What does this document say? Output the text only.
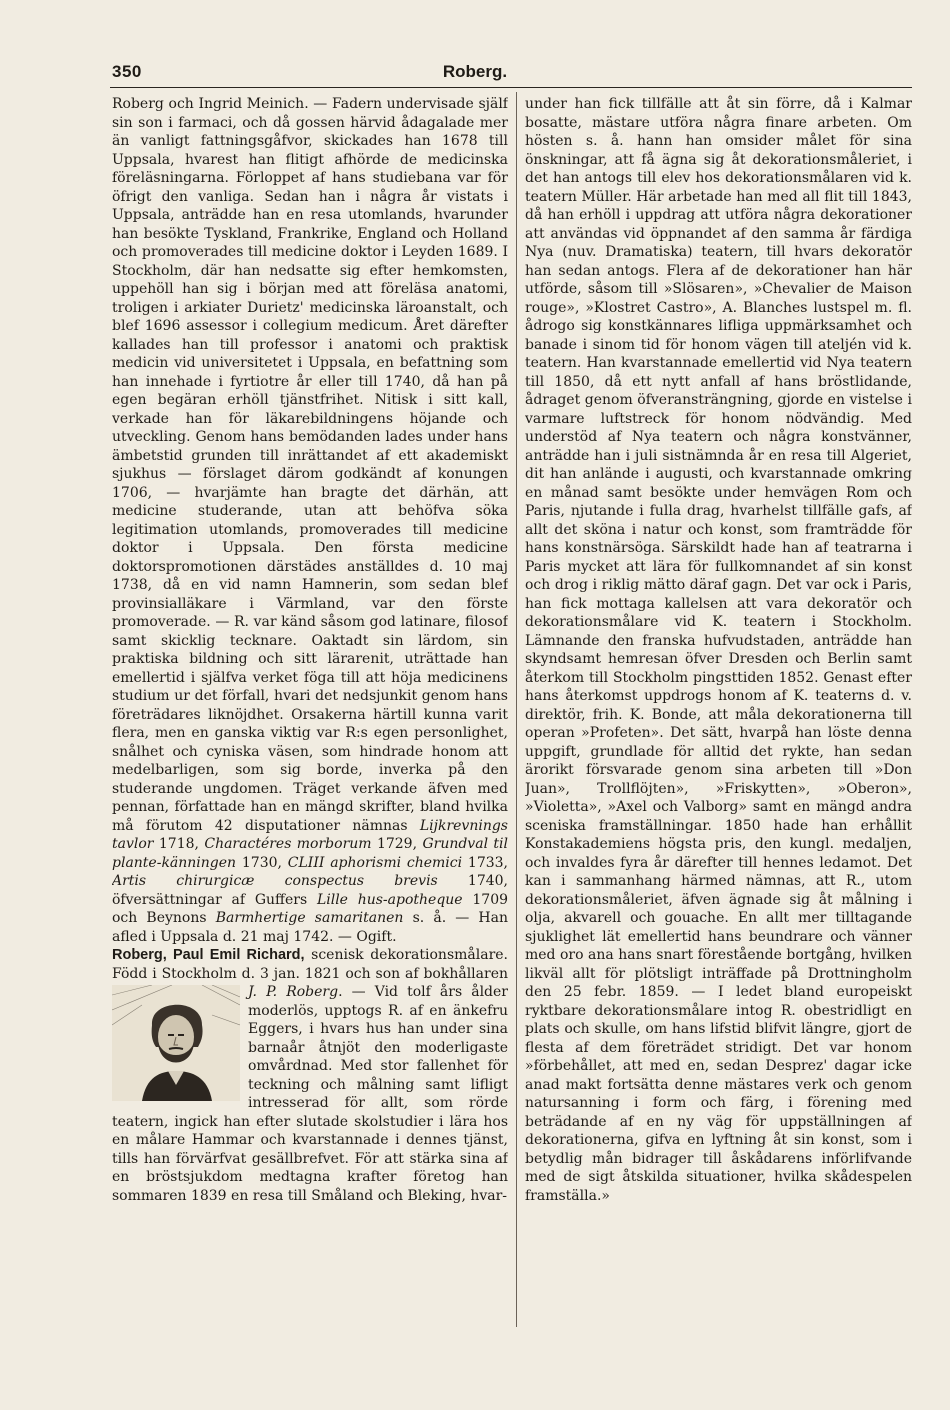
350	Roberg.

Roberg och Ingrid Meinich. — Fadern undervisade själf sin son i farmaci, och då gossen härvid ådagalade mer än vanligt fattningsgåfvor, skickades han 1678 till Uppsala, hvarest han flitigt afhörde de medicinska föreläsningarna. Förloppet af hans studiebana var för öfrigt den vanliga. Sedan han i några år vistats i Uppsala, anträdde han en resa utomlands, hvarunder han besökte Tyskland, Frankrike, England och Holland och promoverades till medicine doktor i Leyden 1689. I Stockholm, där han nedsatte sig efter hemkomsten, uppehöll han sig i början med att föreläsa anatomi, troligen i arkiater Durietz' medicinska läroanstalt, och blef 1696 assessor i collegium medicum. Året därefter kallades han till professor i anatomi och praktisk medicin vid universitetet i Uppsala, en befattning som han innehade i fyrtiotre år eller till 1740, då han på egen begäran erhöll tjänstfrihet. Nitisk i sitt kall, verkade han för läkarebildningens höjande och utveckling. Genom hans bemödanden lades under hans ämbetstid grunden till inrättandet af ett akademiskt sjukhus — förslaget därom godkändt af konungen 1706, — hvarjämte han bragte det därhän, att medicine studerande, utan att behöfva söka legitimation utomlands, promoverades till medicine doktor i Uppsala. Den första medicine doktorspromotionen därstädes anställdes d. 10 maj 1738, då en vid namn Hamnerin, som sedan blef provinsialläkare i Värmland, var den förste promoverade. — R. var känd såsom god latinare, filosof samt skicklig tecknare. Oaktadt sin lärdom, sin praktiska bildning och sitt lärarenit, uträttade han emellertid i själfva verket föga till att höja medicinens studium ur det förfall, hvari det nedsjunkit genom hans företrädares liknöjdhet. Orsakerna härtill kunna varit flera, men en ganska viktig var R:s egen personlighet, snålhet och cyniska väsen, som hindrade honom att medelbarligen, som sig borde, inverka på den studerande ungdomen. Träget verkande äfven med pennan, författade han en mängd skrifter, bland hvilka må förutom 42 disputationer nämnas Lijkrevnings tavlor 1718, Charactéres morborum 1729, Grundval til plante-känningen 1730, CLIII aphorismi chemici 1733, Artis chirurgicæ conspectus brevis 1740, öfversättningar af Guffers Lille hus-apotheque 1709 och Beynons Barmhertige samaritanen s. å. — Han afled i Uppsala d. 21 maj 1742. — Ogift.

Roberg, Paul Emil Richard, scenisk dekorationsmålare. Född i Stockholm d. 3 jan. 1821 och son af bokhållaren
J. P. Roberg. — Vid tolf års ålder moderlös, upptogs R. af en änkefru Eggers, i hvars hus han under sina barnaår åtnjöt den moderligaste omvårdnad. Med stor fallenhet för teckning och målning samt lifligt intresserad för allt, som rörde teatern, ingick han efter slutade skolstudier i lära hos en målare Hammar och kvarstannade i dennes tjänst, tills han förvärfvat gesällbrefvet. För att stärka sina af en bröstsjukdom medtagna krafter företog han sommaren 1839 en resa till Småland och Bleking, hvar-

under han fick tillfälle att åt sin förre, då i Kalmar bosatte, mästare utföra några finare arbeten. Om hösten s. å. hann han omsider målet för sina önskningar, att få ägna sig åt dekorationsmåleriet, i det han antogs till elev hos dekorationsmålaren vid k. teatern Müller. Här arbetade han med all flit till 1843, då han erhöll i uppdrag att utföra några dekorationer att användas vid öppnandet af den samma år färdiga Nya (nuv. Dramatiska) teatern, till hvars dekoratör han sedan antogs. Flera af de dekorationer han här utförde, såsom till »Slösaren», »Chevalier de Maison rouge», »Klostret Castro», A. Blanches lustspel m. fl. ådrogo sig konstkännares lifliga uppmärksamhet och banade i sinom tid för honom vägen till ateljén vid k. teatern. Han kvarstannade emellertid vid Nya teatern till 1850, då ett nytt anfall af hans bröstlidande, ådraget genom öfveransträngning, gjorde en vistelse i varmare luftstreck för honom nödvändig. Med understöd af Nya teatern och några konstvänner, anträdde han i juli sistnämnda år en resa till Algeriet, dit han anlände i augusti, och kvarstannade omkring en månad samt besökte under hemvägen Rom och Paris, njutande i fulla drag, hvarhelst tillfälle gafs, af allt det sköna i natur och konst, som framträdde för hans konstnärsöga. Särskildt hade han af teatrarna i Paris mycket att lära för fullkomnandet af sin konst och drog i riklig mätto däraf gagn. Det var ock i Paris, han fick mottaga kallelsen att vara dekoratör och dekorationsmålare vid K. teatern i Stockholm. Lämnande den franska hufvudstaden, anträdde han skyndsamt hemresan öfver Dresden och Berlin samt återkom till Stockholm pingsttiden 1852. Genast efter hans återkomst uppdrogs honom af K. teaterns d. v. direktör, frih. K. Bonde, att måla dekorationerna till operan »Profeten». Det sätt, hvarpå han löste denna uppgift, grundlade för alltid det rykte, han sedan ärorikt försvarade genom sina arbeten till »Don Juan», Trollflöjten», »Friskytten», »Oberon», »Violetta», »Axel och Valborg» samt en mängd andra sceniska framställningar. 1850 hade han erhållit Konstakademiens högsta pris, den kungl. medaljen, och invaldes fyra år därefter till hennes ledamot. Det kan i sammanhang härmed nämnas, att R., utom dekorationsmåleriet, äfven ägnade sig åt målning i olja, akvarell och gouache. En allt mer tilltagande sjuklighet lät emellertid hans beundrare och vänner med oro ana hans snart förestående bortgång, hvilken likväl allt för plötsligt inträffade på Drottningholm den 25 febr. 1859. — I ledet bland europeiskt ryktbare dekorationsmålare intog R. obestridligt en plats och skulle, om hans lifstid blifvit längre, gjort de flesta af dem företrädet stridigt. Det var honom »förbehållet, att med en, sedan Desprez' dagar icke anad makt fortsätta denne mästares verk och genom natursanning i form och färg, i förening med beträdande af en ny väg för uppställningen af dekorationerna, gifva en lyftning åt sin konst, som i betydlig mån bidrager till åskådarens införlifvande med de sigt åtskilda situationer, hvilka skådespelen framställa.»
